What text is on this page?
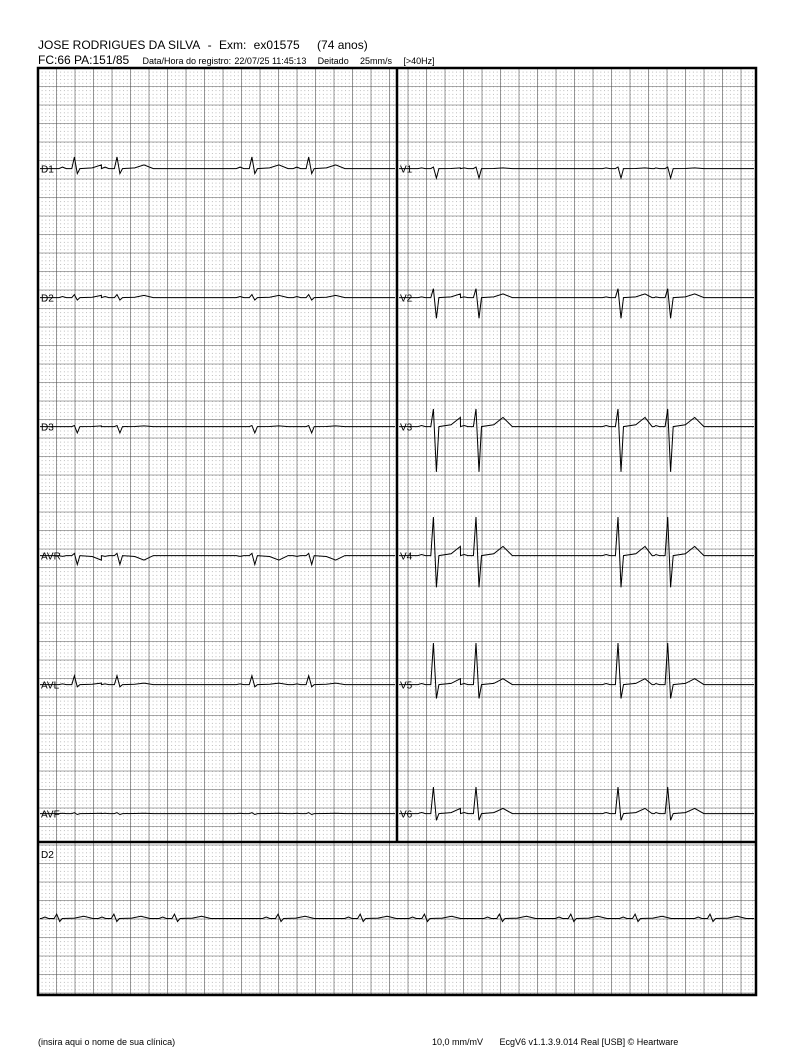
JOSE RODRIGUES DA SILVA - Exm: ex01575 (74 anos)
FC:66 PA:151/85 Data/Hora do registro: 22/07/25 11:45:13 Deitado 25mm/s [>40Hz]
D1
D2
D3
AVR
AVL
AVF
V1
V2
V3
V4
V5
V6
D2
(insira aqui o nome de sua clínica)	10,0 mm/mV EcgV6 v1.1.3.9.014 Real [USB] © Heartware
